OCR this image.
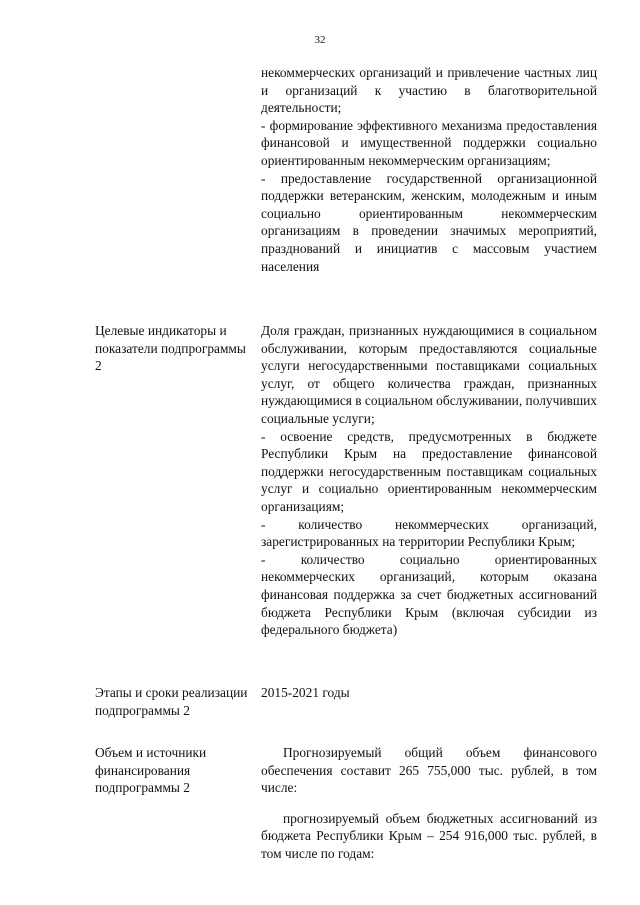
32

некоммерческих организаций и привлечение частных лиц и организаций к участию в благотворительной деятельности;

- формирование эффективного механизма предоставления финансовой и имущественной поддержки социально ориентированным некоммерческим организациям;

- предоставление государственной организационной поддержки ветеранским, женским, молодежным и иным социально ориентированным некоммерческим организациям в проведении значимых мероприятий, празднований и инициатив с массовым участием населения

Целевые индикаторы и показатели подпрограммы 2

Доля граждан, признанных нуждающимися в социальном обслуживании, которым предоставляются социальные услуги негосударственными поставщиками социальных услуг, от общего количества граждан, признанных нуждающимися в социальном обслуживании, получивших социальные услуги;

- освоение средств, предусмотренных в бюджете Республики Крым на предоставление финансовой поддержки негосударственным поставщикам социальных услуг и социально ориентированным некоммерческим организациям;

- количество некоммерческих организаций, зарегистрированных на территории Республики Крым;

- количество социально ориентированных некоммерческих организаций, которым оказана финансовая поддержка за счет бюджетных ассигнований бюджета Республики Крым (включая субсидии из федерального бюджета)

Этапы и сроки реализации подпрограммы 2
2015-2021 годы
Объем и источники финансирования подпрограммы 2

Прогнозируемый общий объем финансового обеспечения составит 265 755,000 тыс. рублей, в том числе:

прогнозируемый объем бюджетных ассигнований из бюджета Республики Крым – 254 916,000 тыс. рублей, в том числе по годам:
